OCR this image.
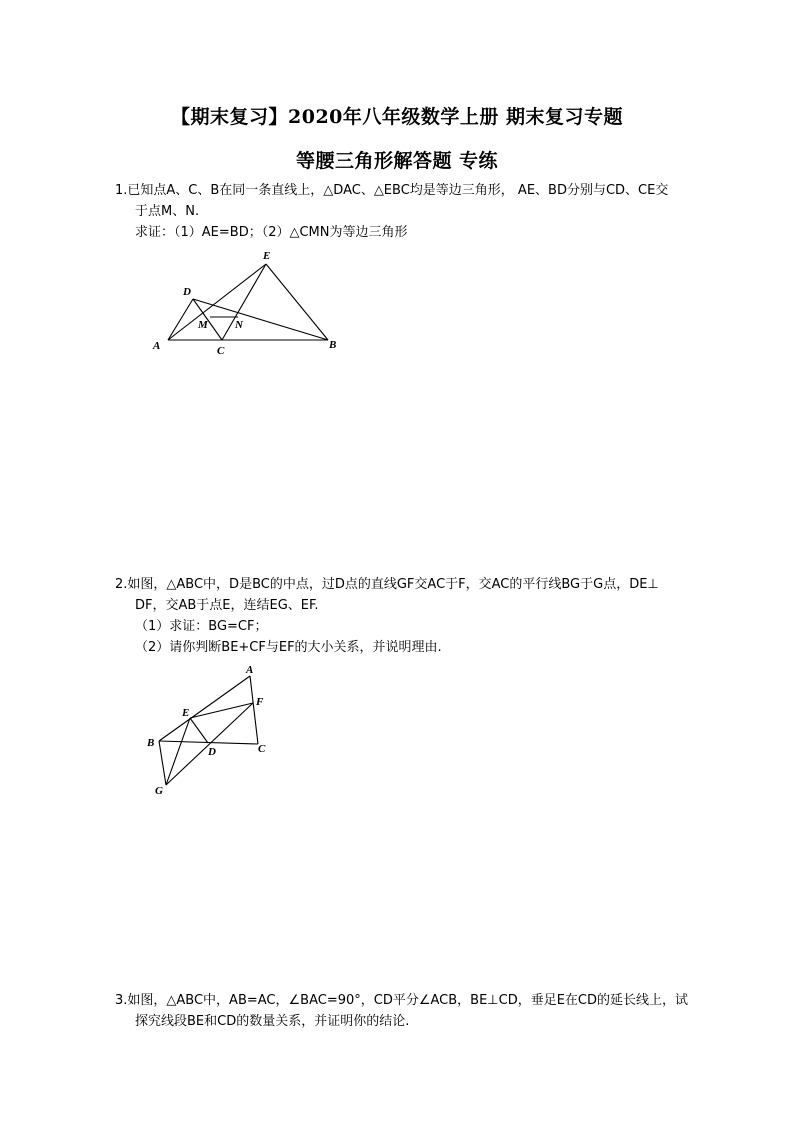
【期末复习】2020年八年级数学上册 期末复习专题
等腰三角形解答题 专练

1.已知点A、C、B在同一条直线上，△DAC、△EBC均是等边三角形， AE、BD分别与CD、CE交

于点M、N.

求证：（1）AE=BD；（2）△CMN为等边三角形

E
D
M N
A	C	B

2.如图，△ABC中，D是BC的中点，过D点的直线GF交AC于F，交AC的平行线BG于G点，DE⊥

DF，交AB于点E，连结EG、EF.

（1）求证：BG=CF；

（2）请你判断BE+CF与EF的大小关系，并说明理由.

A
F
E
B
D	C
G

3.如图，△ABC中，AB=AC，∠BAC=90°，CD平分∠ACB，BE⊥CD，垂足E在CD的延长线上，试

探究线段BE和CD的数量关系，并证明你的结论.
